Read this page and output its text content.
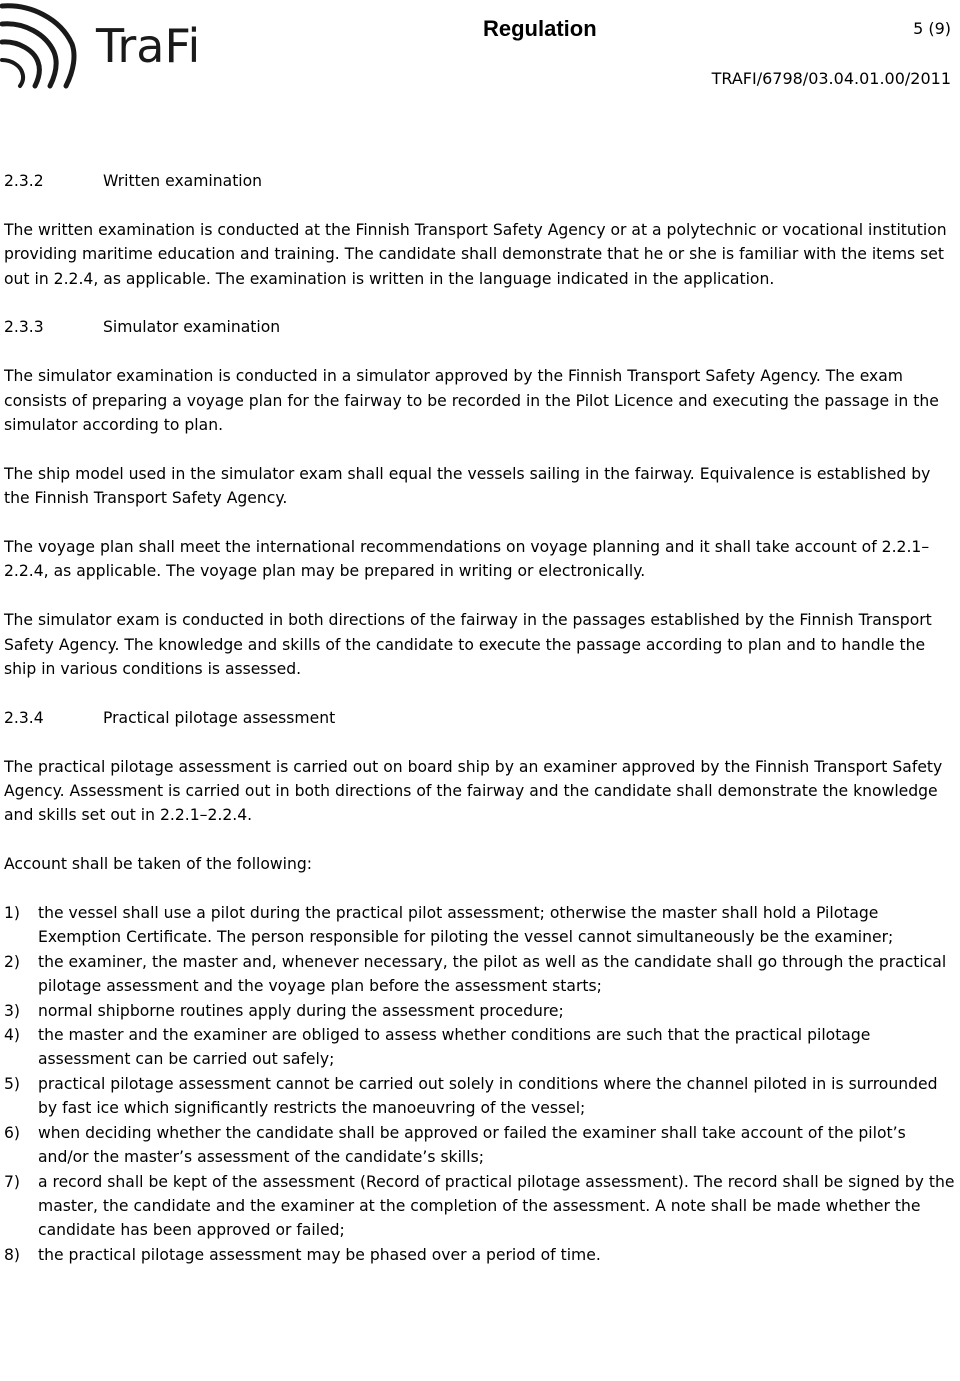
TraFi	Regulation	5 (9)
TRAFI/6798/03.04.01.00/2011
2.3.2	Written examination

The written examination is conducted at the Finnish Transport Safety Agency or at a polytechnic or vocational institution providing maritime education and training. The candidate shall demonstrate that he or she is familiar with the items set out in 2.2.4, as applicable. The examination is written in the language indicated in the application.

2.3.3	Simulator examination

The simulator examination is conducted in a simulator approved by the Finnish Transport Safety Agency. The exam consists of preparing a voyage plan for the fairway to be recorded in the Pilot Licence and executing the passage in the simulator according to plan.

The ship model used in the simulator exam shall equal the vessels sailing in the fairway. Equivalence is established by the Finnish Transport Safety Agency.

The voyage plan shall meet the international recommendations on voyage planning and it shall take account of 2.2.1–2.2.4, as applicable. The voyage plan may be prepared in writing or electronically.

The simulator exam is conducted in both directions of the fairway in the passages established by the Finnish Transport Safety Agency. The knowledge and skills of the candidate to execute the passage according to plan and to handle the ship in various conditions is assessed.

2.3.4	Practical pilotage assessment

The practical pilotage assessment is carried out on board ship by an examiner approved by the Finnish Transport Safety Agency. Assessment is carried out in both directions of the fairway and the candidate shall demonstrate the knowledge and skills set out in 2.2.1–2.2.4.

Account shall be taken of the following:

1)	the vessel shall use a pilot during the practical pilot assessment; otherwise the master shall hold a Pilotage Exemption Certificate. The person responsible for piloting the vessel cannot simultaneously be the examiner;
2)	the examiner, the master and, whenever necessary, the pilot as well as the candidate shall go through the practical pilotage assessment and the voyage plan before the assessment starts;
3)	normal shipborne routines apply during the assessment procedure;
4)	the master and the examiner are obliged to assess whether conditions are such that the practical pilotage assessment can be carried out safely;
5)	practical pilotage assessment cannot be carried out solely in conditions where the channel piloted in is surrounded by fast ice which significantly restricts the manoeuvring of the vessel;
6)	when deciding whether the candidate shall be approved or failed the examiner shall take account of the pilot’s and/or the master’s assessment of the candidate’s skills;
7)	a record shall be kept of the assessment (Record of practical pilotage assessment). The record shall be signed by the master, the candidate and the examiner at the completion of the assessment. A note shall be made whether the candidate has been approved or failed;
8)	the practical pilotage assessment may be phased over a period of time.
